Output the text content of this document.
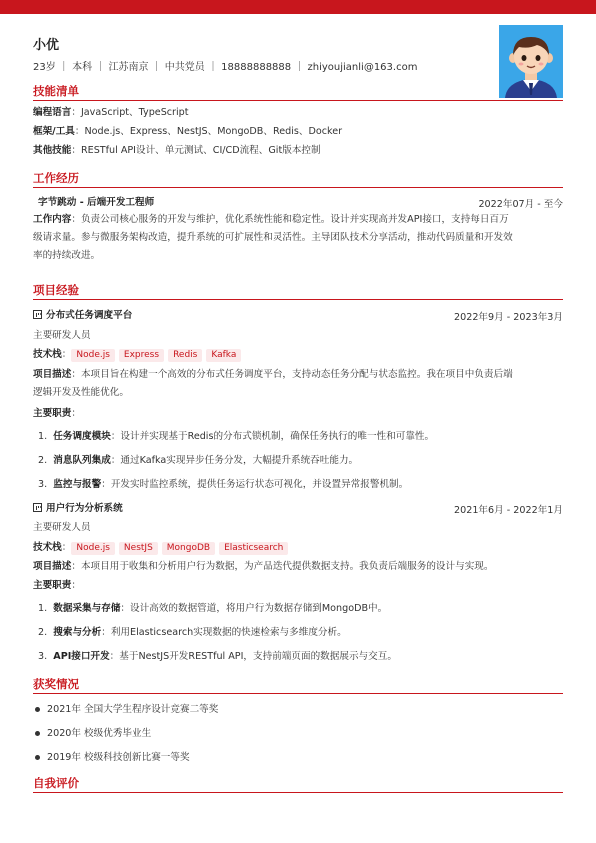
小优
23岁 ｜ 本科 ｜ 江苏南京 ｜ 中共党员 ｜ 18888888888 ｜ zhiyoujianli@163.com
技能清单
编程语言：JavaScript、TypeScript
框架/工具：Node.js、Express、NestJS、MongoDB、Redis、Docker
其他技能：RESTful API设计、单元测试、CI/CD流程、Git版本控制
工作经历
字节跳动 - 后端开发工程师	2022年07月 - 至今
工作内容：负责公司核心服务的开发与维护，优化系统性能和稳定性。设计并实现高并发API接口，支持每日百万
级请求量。参与微服务架构改造，提升系统的可扩展性和灵活性。主导团队技术分享活动，推动代码质量和开发效
率的持续改进。
项目经验
分布式任务调度平台	2022年9月 - 2023年3月
主要研发人员
技术栈： Node.js Express Redis Kafka
项目描述：本项目旨在构建一个高效的分布式任务调度平台，支持动态任务分配与状态监控。我在项目中负责后端
逻辑开发及性能优化。
主要职责：
1. 任务调度模块：设计并实现基于Redis的分布式锁机制，确保任务执行的唯一性和可靠性。
2. 消息队列集成：通过Kafka实现异步任务分发，大幅提升系统吞吐能力。
3. 监控与报警：开发实时监控系统，提供任务运行状态可视化，并设置异常报警机制。
用户行为分析系统	2021年6月 - 2022年1月
主要研发人员
技术栈： Node.js NestJS MongoDB Elasticsearch
项目描述：本项目用于收集和分析用户行为数据，为产品迭代提供数据支持。我负责后端服务的设计与实现。
主要职责：
1. 数据采集与存储：设计高效的数据管道，将用户行为数据存储到MongoDB中。
2. 搜索与分析：利用Elasticsearch实现数据的快速检索与多维度分析。
3. API接口开发：基于NestJS开发RESTful API，支持前端页面的数据展示与交互。
获奖情况
2021年 全国大学生程序设计竞赛二等奖
2020年 校级优秀毕业生
2019年 校级科技创新比赛一等奖
自我评价
